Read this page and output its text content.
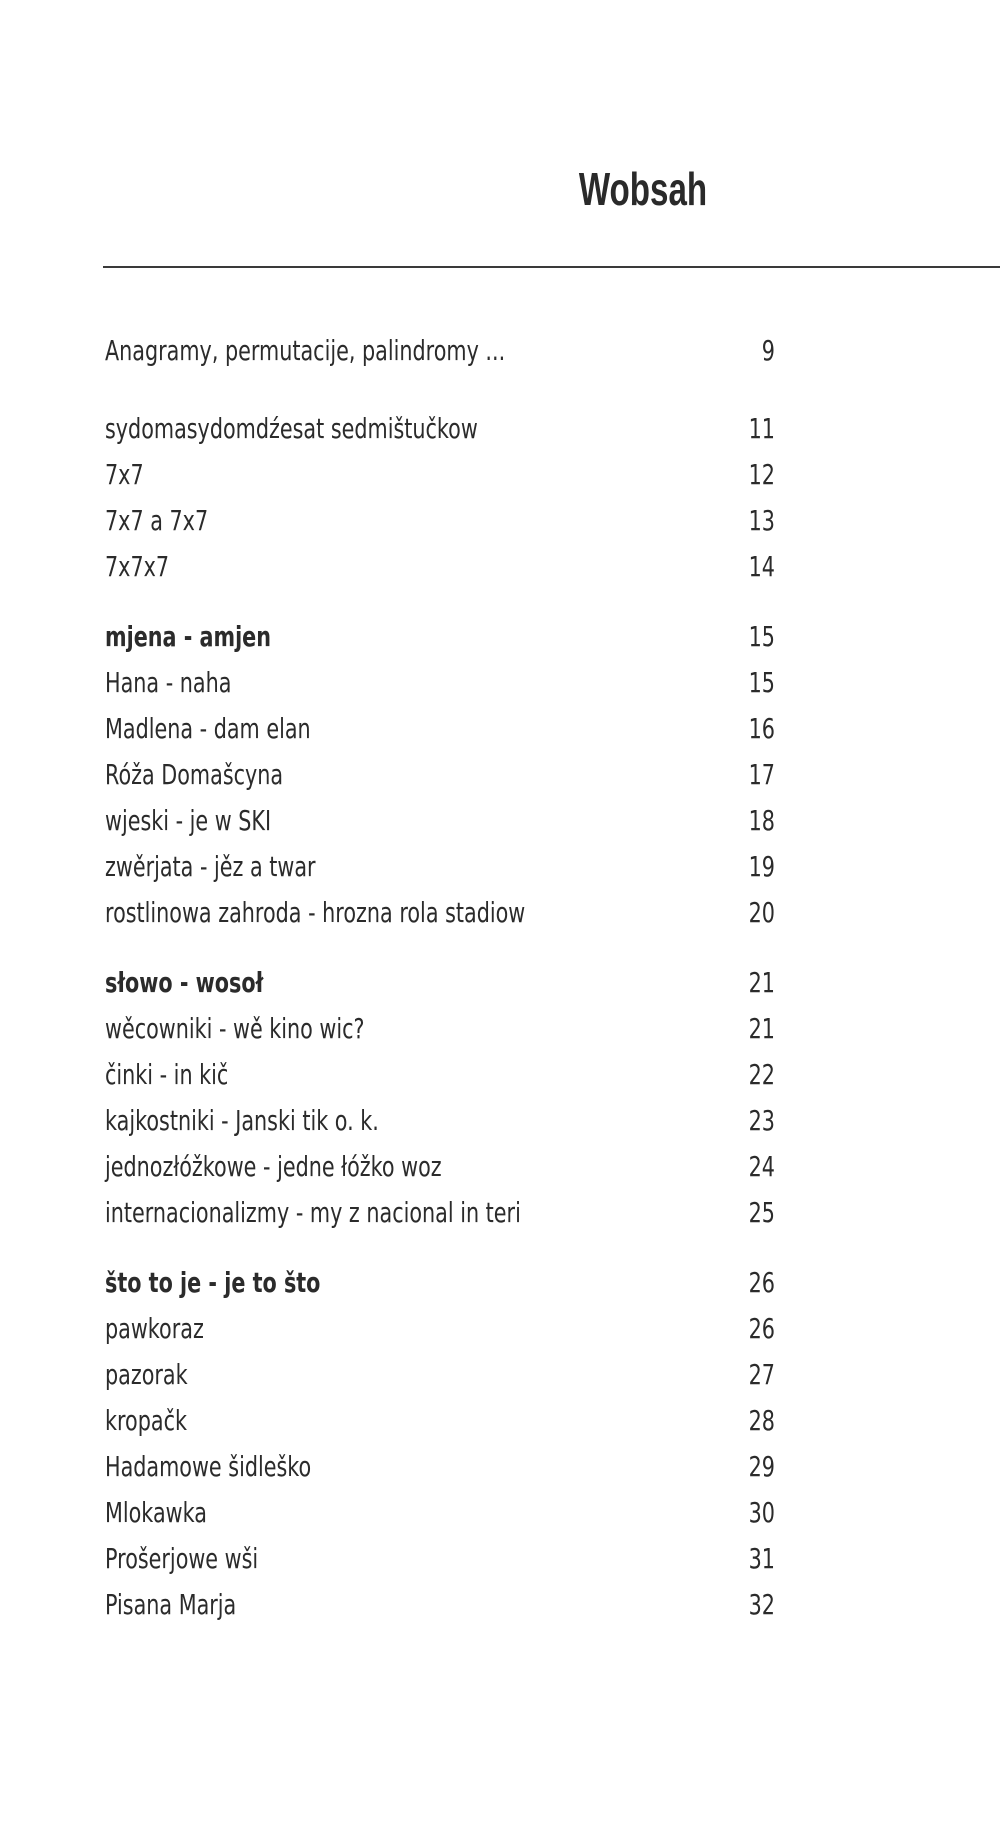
Wobsah
Anagramy, permutacije, palindromy ...	9
sydomasydomdźesat sedmištučkow	11
7x7	12
7x7 a 7x7	13
7x7x7	14
mjena - amjen	15
Hana - naha	15
Madlena - dam elan	16
Róža Domašcyna	17
wjeski - je w SKI	18
zwěrjata - jěz a twar	19
rostlinowa zahroda - hrozna rola stadiow	20
słowo - wosoł	21
wěcowniki - wě kino wic?	21
činki - in kič	22
kajkostniki - Janski tik o. k.	23
jednozłóžkowe - jedne łóžko woz	24
internacionalizmy - my z nacional in teri	25
što to je - je to što	26
pawkoraz	26
pazorak	27
kropačk	28
Hadamowe šidleško	29
Mlokawka	30
Prošerjowe wši	31
Pisana Marja	32
